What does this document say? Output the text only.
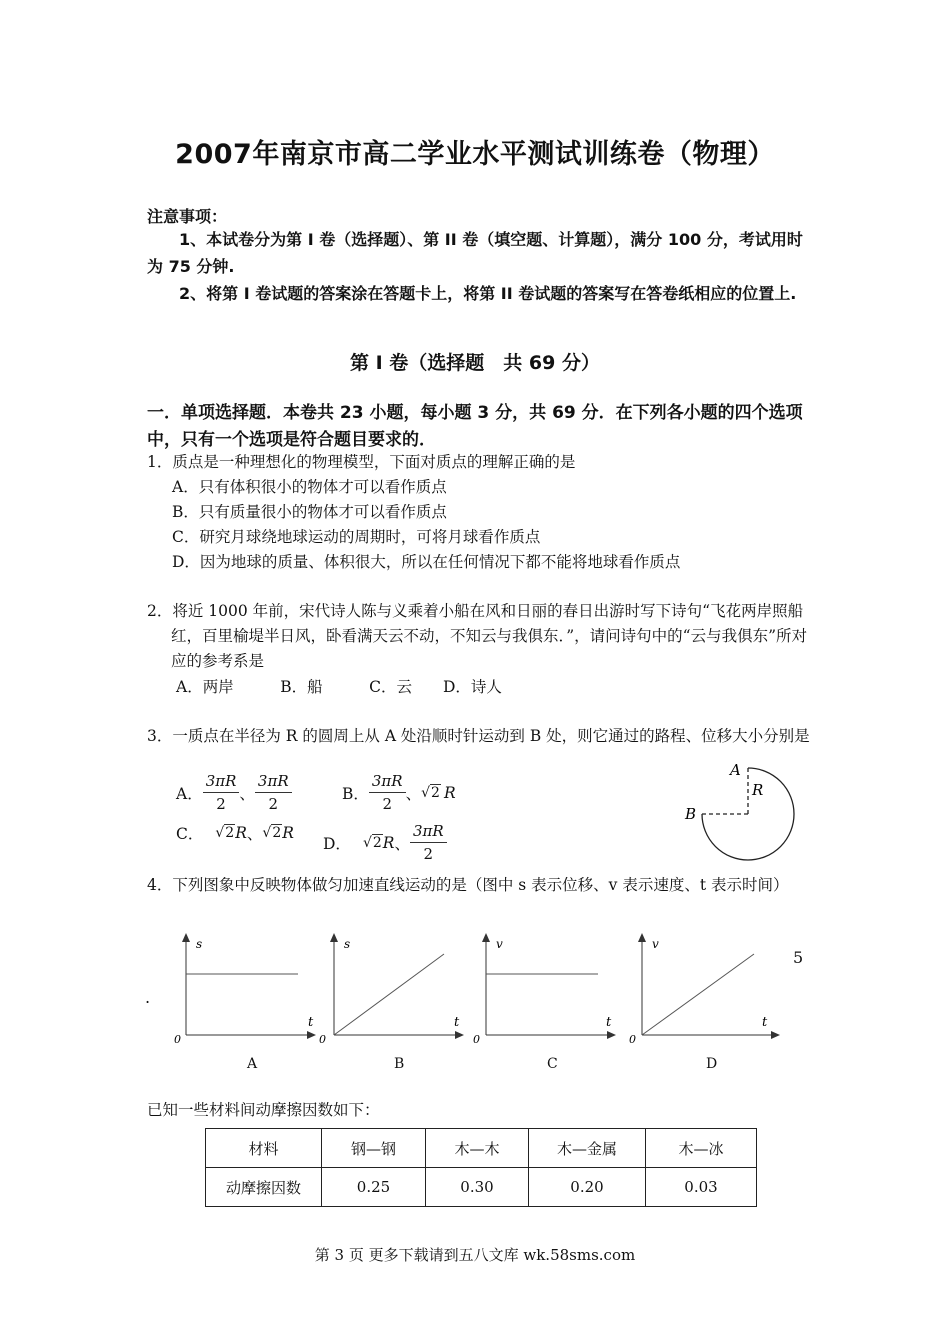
2007年南京市高二学业水平测试训练卷（物理）
注意事项：
1、本试卷分为第 I 卷（选择题）、第 II 卷（填空题、计算题），满分 100 分，考试用时为 75 分钟.
2、将第 I 卷试题的答案涂在答题卡上，将第 II 卷试题的答案写在答卷纸相应的位置上.
第 I 卷（选择题　共 69 分）
一．单项选择题．本卷共 23 小题，每小题 3 分，共 69 分．在下列各小题的四个选项中，只有一个选项是符合题目要求的．
1．质点是一种理想化的物理模型，下面对质点的理解正确的是
A．只有体积很小的物体才可以看作质点
B．只有质量很小的物体才可以看作质点
C．研究月球绕地球运动的周期时，可将月球看作质点
D．因为地球的质量、体积很大，所以在任何情况下都不能将地球看作质点
2．将近 1000 年前，宋代诗人陈与义乘着小船在风和日丽的春日出游时写下诗句“飞花两岸照船红，百里榆堤半日风，卧看满天云不动，不知云与我俱东．”，请问诗句中的“云与我俱东”所对应的参考系是
A．两岸　　　B．船　　　C．云　　D．诗人
3．一质点在半径为 R 的圆周上从 A 处沿顺时针运动到 B 处，则它通过的路程、位移大小分别是
A． $\frac{3\pi R}{2}$ 、 $\frac{3\pi R}{2}$	B． $\frac{3\pi R}{2}$ 、 √2 R
C． √2 R 、 √2 R
D． √2 R 、 $\frac{3\pi R}{2}$
A
R
B
4．下列图象中反映物体做匀加速直线运动的是（图中 s 表示位移、v 表示速度、t 表示时间）
5
.
s
t
0
A
s
t
0
B
v
t
0
C
v
t
0
D
已知一些材料间动摩擦因数如下：
材料	钢—钢	木—木	木—金属	木—冰
动摩擦因数	0.25	0.30	0.20	0.03
第 3 页 更多下载请到五八文库 wk.58sms.com
